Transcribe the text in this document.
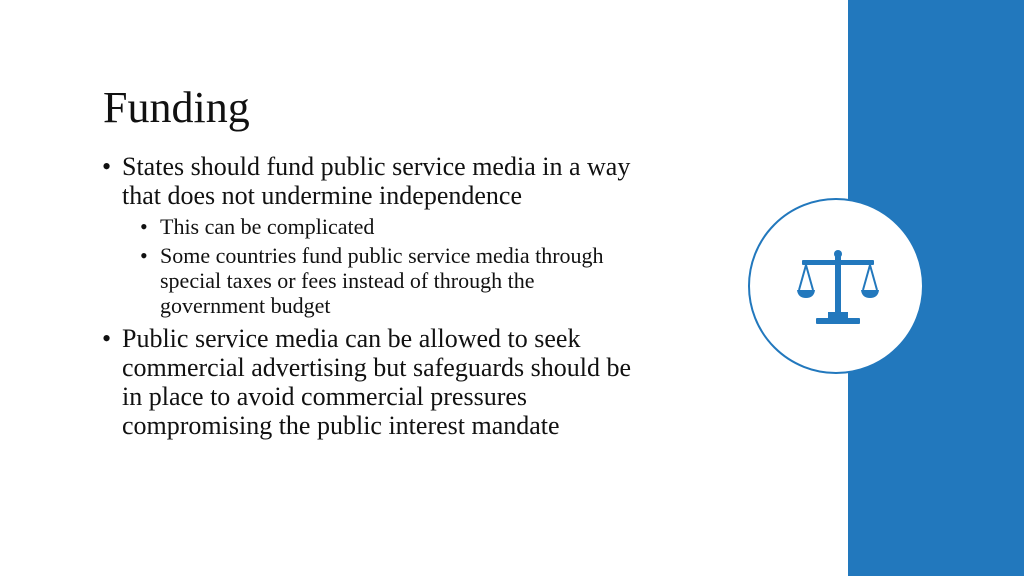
Funding
• States should fund public service media in a way that does not undermine independence
• This can be complicated
• Some countries fund public service media through special taxes or fees instead of through the government budget
• Public service media can be allowed to seek commercial advertising but safeguards should be in place to avoid commercial pressures compromising the public interest mandate
